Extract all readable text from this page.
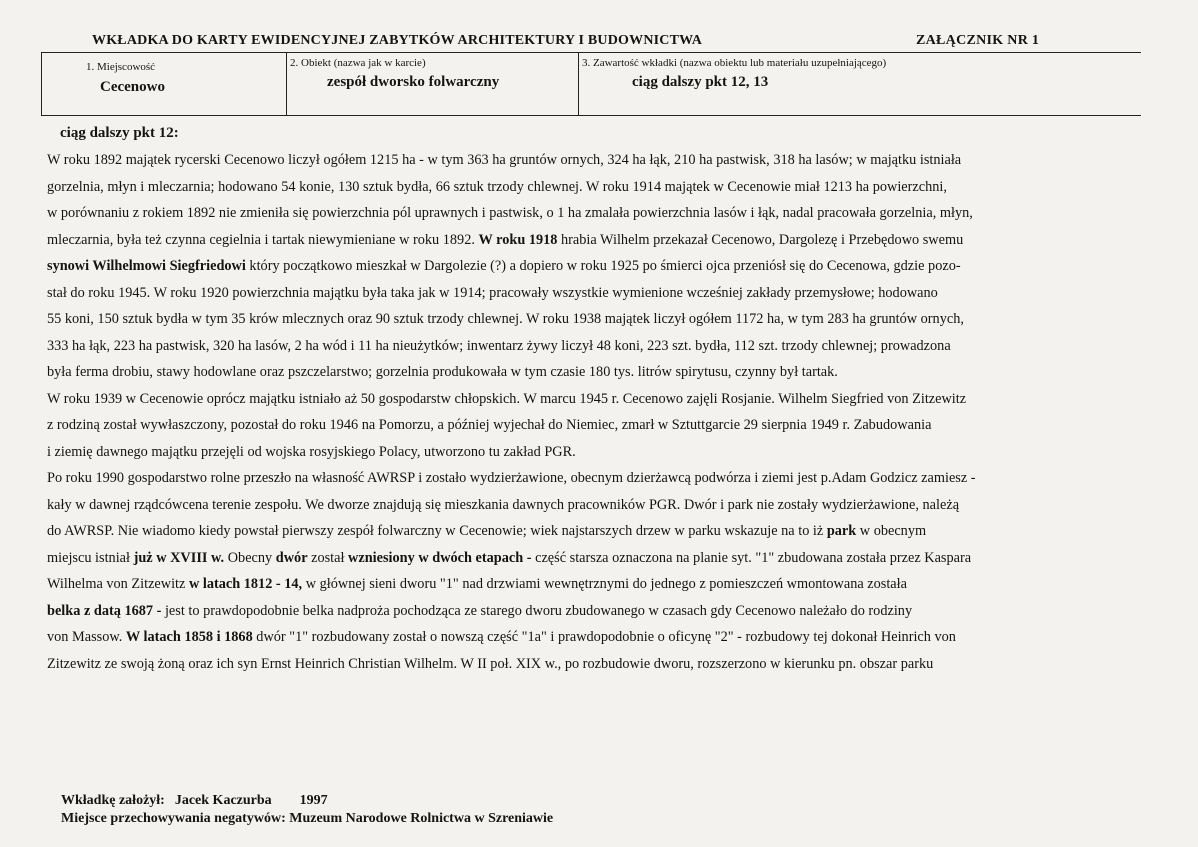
WKŁADKA DO KARTY EWIDENCYJNEJ ZABYTKÓW ARCHITEKTURY I BUDOWNICTWA	ZAŁĄCZNIK NR 1
1. Miejscowość
Cecenowo
2. Obiekt (nazwa jak w karcie)
zespół dworsko folwarczny
3. Zawartość wkładki (nazwa obiektu lub materiału uzupełniającego)
ciąg dalszy pkt 12, 13
ciąg dalszy pkt 12:
W roku 1892 majątek rycerski Cecenowo liczył ogółem 1215 ha - w tym 363 ha gruntów ornych, 324 ha łąk, 210 ha pastwisk, 318 ha lasów; w majątku istniała
gorzelnia, młyn i mleczarnia; hodowano 54 konie, 130 sztuk bydła, 66 sztuk trzody chlewnej. W roku 1914 majątek w Cecenowie miał 1213 ha powierzchni,
w porównaniu z rokiem 1892 nie zmieniła się powierzchnia pól uprawnych i pastwisk, o 1 ha zmalała powierzchnia lasów i łąk, nadal pracowała gorzelnia, młyn,
mleczarnia, była też czynna cegielnia i tartak niewymieniane w roku 1892. W roku 1918 hrabia Wilhelm przekazał Cecenowo, Dargolezę i Przebędowo swemu
synowi Wilhelmowi Siegfriedowi który początkowo mieszkał w Dargolezie (?) a dopiero w roku 1925 po śmierci ojca przeniósł się do Cecenowa, gdzie pozo-
stał do roku 1945. W roku 1920 powierzchnia majątku była taka jak w 1914; pracowały wszystkie wymienione wcześniej zakłady przemysłowe; hodowano
55 koni, 150 sztuk bydła w tym 35 krów mlecznych oraz 90 sztuk trzody chlewnej. W roku 1938 majątek liczył ogółem 1172 ha, w tym 283 ha gruntów ornych,
333 ha łąk, 223 ha pastwisk, 320 ha lasów, 2 ha wód i 11 ha nieużytków; inwentarz żywy liczył 48 koni, 223 szt. bydła, 112 szt. trzody chlewnej; prowadzona
była ferma drobiu, stawy hodowlane oraz pszczelarstwo; gorzelnia produkowała w tym czasie 180 tys. litrów spirytusu, czynny był tartak.
W roku 1939 w Cecenowie oprócz majątku istniało aż 50 gospodarstw chłopskich. W marcu 1945 r. Cecenowo zajęli Rosjanie. Wilhelm Siegfried von Zitzewitz
z rodziną został wywłaszczony, pozostał do roku 1946 na Pomorzu, a później wyjechał do Niemiec, zmarł w Sztuttgarcie 29 sierpnia 1949 r. Zabudowania
i ziemię dawnego majątku przejęli od wojska rosyjskiego Polacy, utworzono tu zakład PGR.
Po roku 1990 gospodarstwo rolne przeszło na własność AWRSP i zostało wydzierżawione, obecnym dzierżawcą podwórza i ziemi jest p.Adam Godzicz zamiesz -
kały w dawnej rządcówcena terenie zespołu. We dworze znajdują się mieszkania dawnych pracowników PGR. Dwór i park nie zostały wydzierżawione, należą
do AWRSP. Nie wiadomo kiedy powstał pierwszy zespół folwarczny w Cecenowie; wiek najstarszych drzew w parku wskazuje na to iż park w obecnym
miejscu istniał już w XVIII w. Obecny dwór został wzniesiony w dwóch etapach - część starsza oznaczona na planie syt. "1" zbudowana została przez Kaspara
Wilhelma von Zitzewitz w latach 1812 - 14, w głównej sieni dworu "1" nad drzwiami wewnętrznymi do jednego z pomieszczeń wmontowana została
belka z datą 1687 - jest to prawdopodobnie belka nadproża pochodząca ze starego dworu zbudowanego w czasach gdy Cecenowo należało do rodziny
von Massow. W latach 1858 i 1868 dwór "1" rozbudowany został o nowszą część "1a" i prawdopodobnie o oficynę "2" - rozbudowy tej dokonał Heinrich von
Zitzewitz ze swoją żoną oraz ich syn Ernst Heinrich Christian Wilhelm. W II poł. XIX w., po rozbudowie dworu, rozszerzono w kierunku pn. obszar parku
Wkładkę założył: Jacek Kaczurba 1997
Miejsce przechowywania negatywów: Muzeum Narodowe Rolnictwa w Szreniawie
